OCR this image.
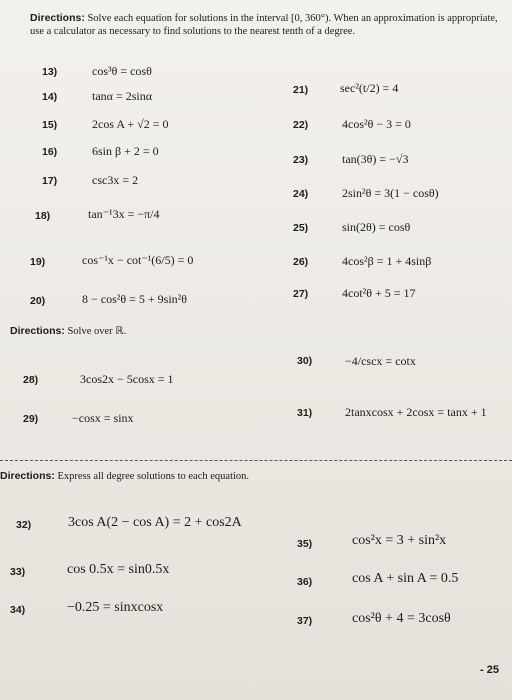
Directions: Solve each equation for solutions in the interval [0, 360°). When an approximation is appropriate, use a calculator as necessary to find solutions to the nearest tenth of a degree.
13)	cos³θ = cosθ
14)	tanα = 2sinα
15)	2cos A + √2 = 0
16)	6sin β + 2 = 0
17)	csc3x = 2
18)	tan⁻¹3x = −π/4
19)	cos⁻¹x − cot⁻¹(6/5) = 0
20)	8 − cos²θ = 5 + 9sin²θ
21)	sec²(t/2) = 4
22)	4cos²θ − 3 = 0
23)	tan(3θ) = −√3
24)	2sin²θ = 3(1 − cosθ)
25)	sin(2θ) = cosθ
26)	4cos²β = 1 + 4sinβ
27)	4cot²θ + 5 = 17
Directions: Solve over ℝ.
30)	−4/cscx = cotx
28)	3cos2x − 5cosx = 1
31)	2tanxcosx + 2cosx = tanx + 1
29)	−cosx = sinx
Directions: Express all degree solutions to each equation.
32)	3cos A(2 − cos A) = 2 + cos2A
35)	cos²x = 3 + sin²x
33)	cos 0.5x = sin0.5x
36)	cos A + sin A = 0.5
34)	−0.25 = sinxcosx
37)	cos²θ + 4 = 3cosθ
- 25
